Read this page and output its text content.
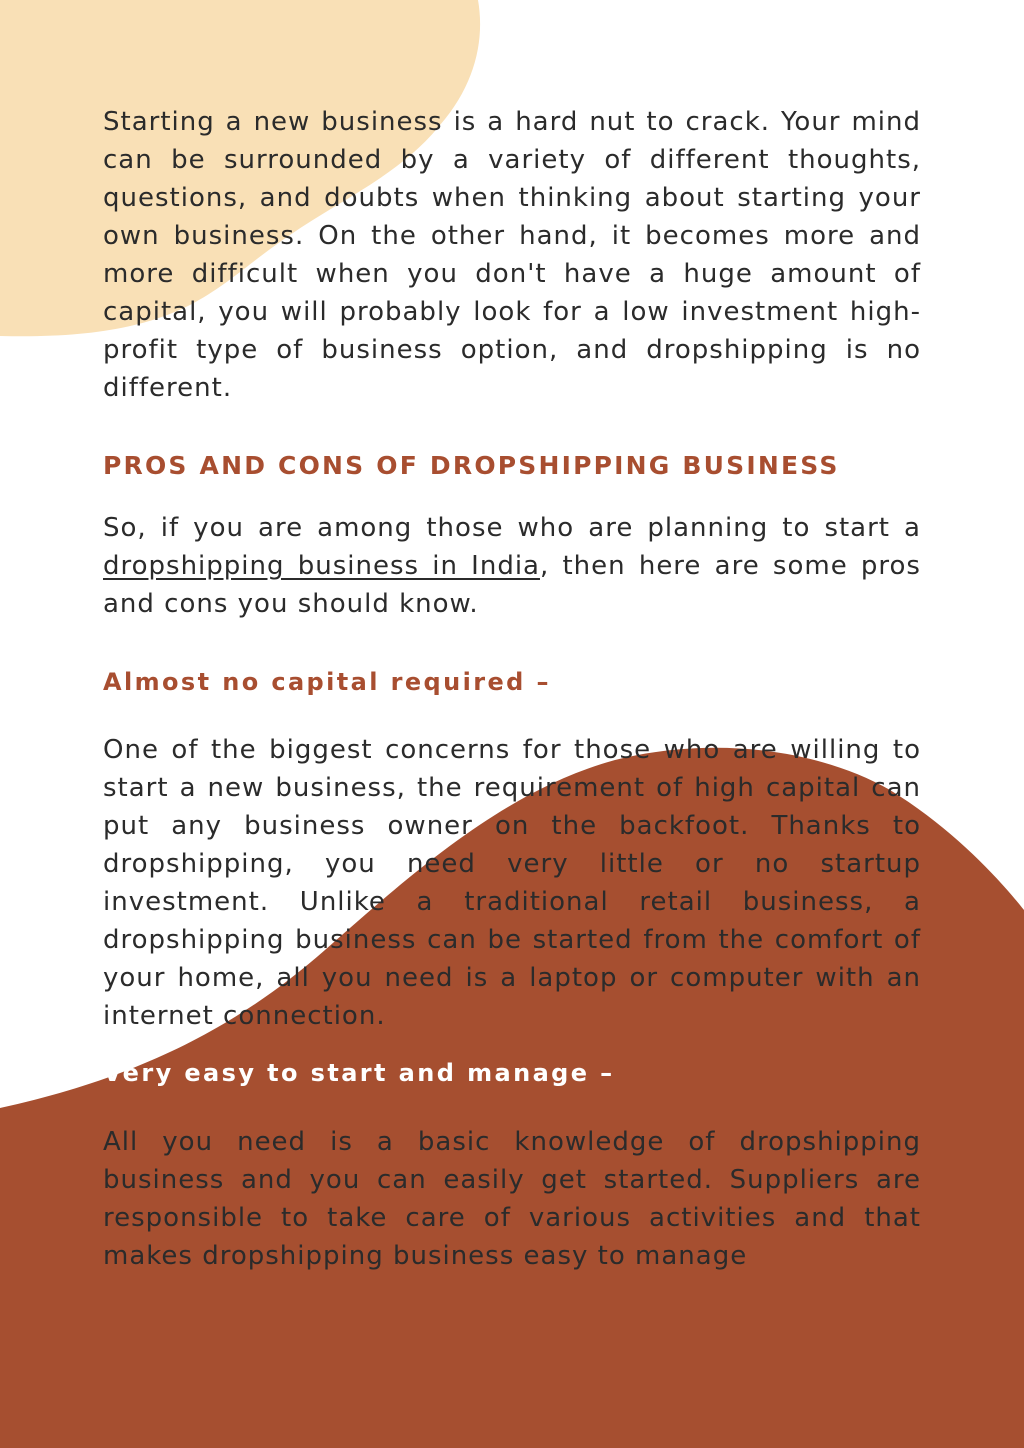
Starting a new business is a hard nut to crack. Your mind can be surrounded by a variety of different thoughts, questions, and doubts when thinking about starting your own business. On the other hand, it becomes more and more difficult when you don't have a huge amount of capital, you will probably look for a low investment high-profit type of business option, and dropshipping is no different.

PROS AND CONS OF DROPSHIPPING BUSINESS

So, if you are among those who are planning to start a dropshipping business in India, then here are some pros and cons you should know.

Almost no capital required –

One of the biggest concerns for those who are willing to start a new business, the requirement of high capital can put any business owner on the backfoot. Thanks to dropshipping, you need very little or no startup investment. Unlike a traditional retail business, a dropshipping business can be started from the comfort of your home, all you need is a laptop or computer with an internet connection.

Very easy to start and manage –

All you need is a basic knowledge of dropshipping business and you can easily get started. Suppliers are responsible to take care of various activities and that makes dropshipping business easy to manage
